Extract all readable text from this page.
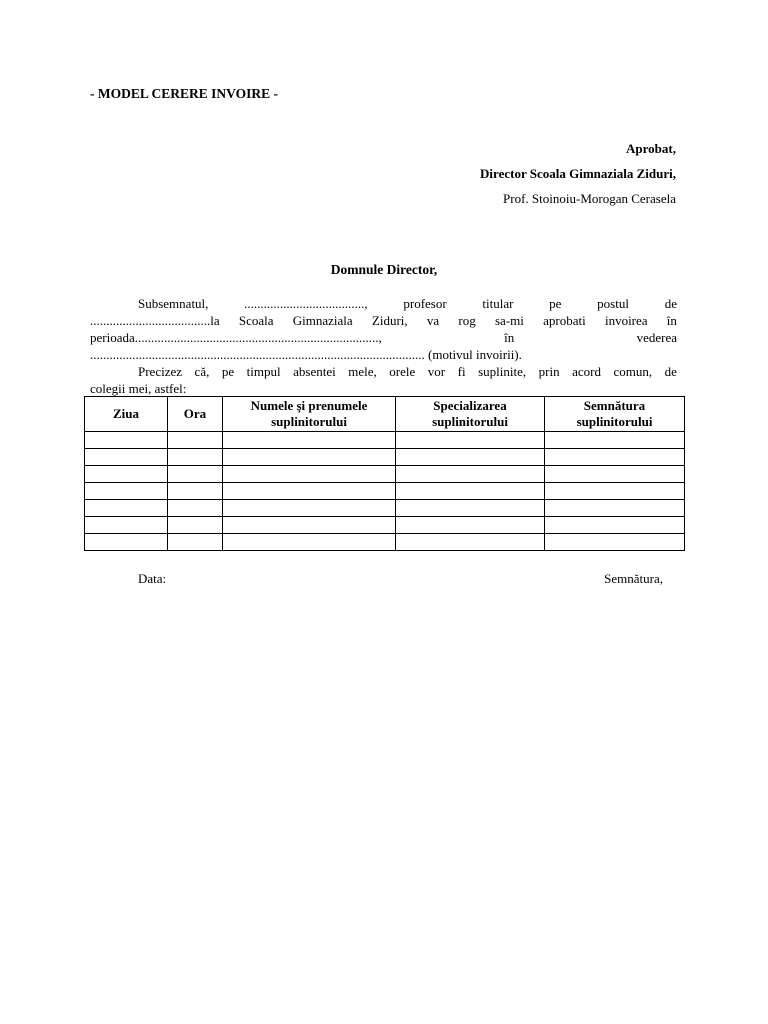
- MODEL CERERE INVOIRE -
Aprobat,
Director Scoala Gimnaziala Ziduri,
Prof. Stoinoiu-Morogan Cerasela
Domnule Director,
Subsemnatul,	.....................................,	profesor	titular	pe	postul	de
.....................................la Scoala Gimnaziala Ziduri, va rog sa-mi aprobati invoirea în
perioada...........................................................................,	în	vederea
....................................................................................................... (motivul invoirii).
Precizez că, pe timpul absentei mele, orele vor fi suplinite, prin acord comun, de
colegii mei, astfel:
Ziua	Ora	Numele şi prenumele suplinitorului	Specializarea suplinitorului	Semnătura suplinitorului

Data:	Semnătura,
